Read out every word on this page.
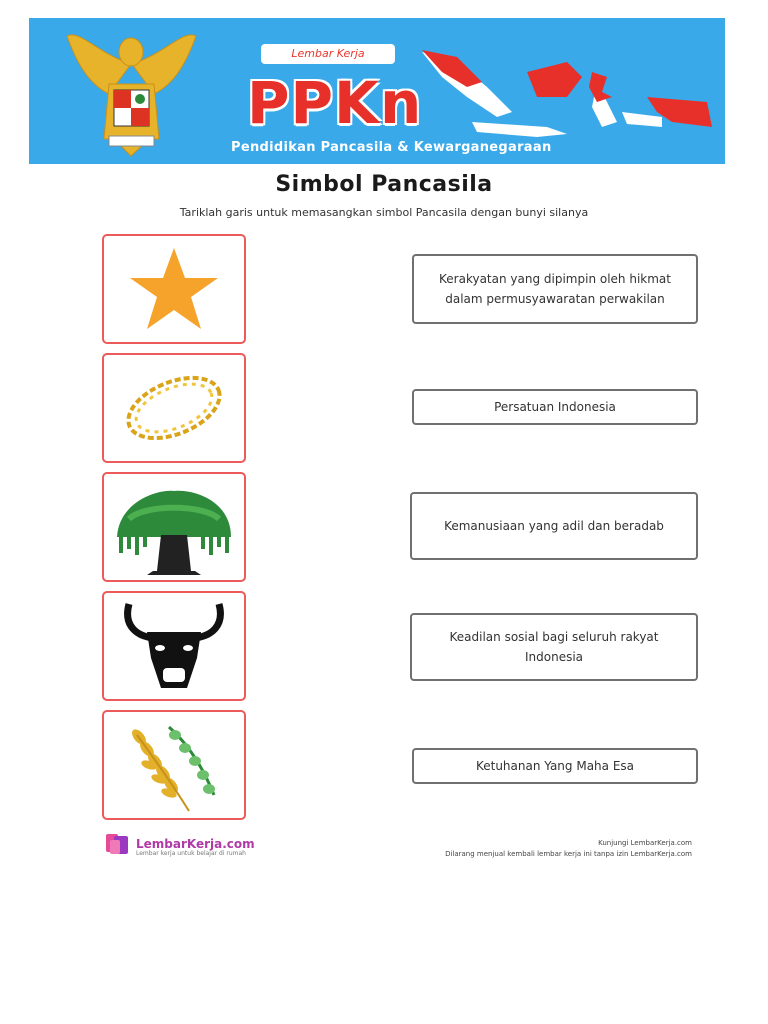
Lembar Kerja
PPKn
Pendidikan Pancasila & Kewarganegaraan
Simbol Pancasila
Tariklah garis untuk memasangkan simbol Pancasila dengan bunyi silanya
Kerakyatan yang dipimpin oleh hikmat dalam permusyawaratan perwakilan
Persatuan Indonesia
Kemanusiaan yang adil dan beradab
Keadilan sosial bagi seluruh rakyat Indonesia
Ketuhanan Yang Maha Esa
LembarKerja.com
Lembar kerja untuk belajar di rumah
Kunjungi LembarKerja.com
Dilarang menjual kembali lembar kerja ini tanpa izin LembarKerja.com
